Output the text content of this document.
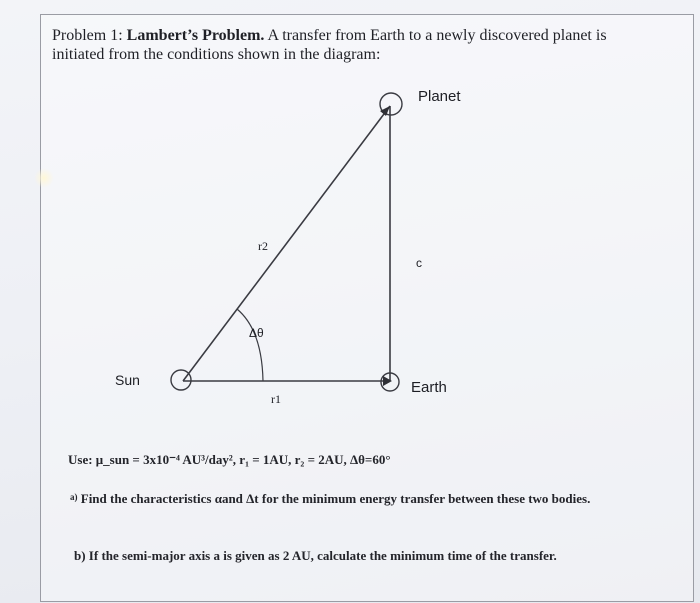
Problem 1: Lambert’s Problem. A transfer from Earth to a newly discovered planet is
initiated from the conditions shown in the diagram:
Planet
Sun	Earth
r2
r1
c
Δθ
Use: μ_sun = 3x10⁻⁴ AU³/day², r₁ = 1AU, r₂ = 2AU, Δθ=60°
$^{a)}$ Find the characteristics αand Δt for the minimum energy transfer between these two bodies.
b) If the semi-major axis a is given as 2 AU, calculate the minimum time of the transfer.
